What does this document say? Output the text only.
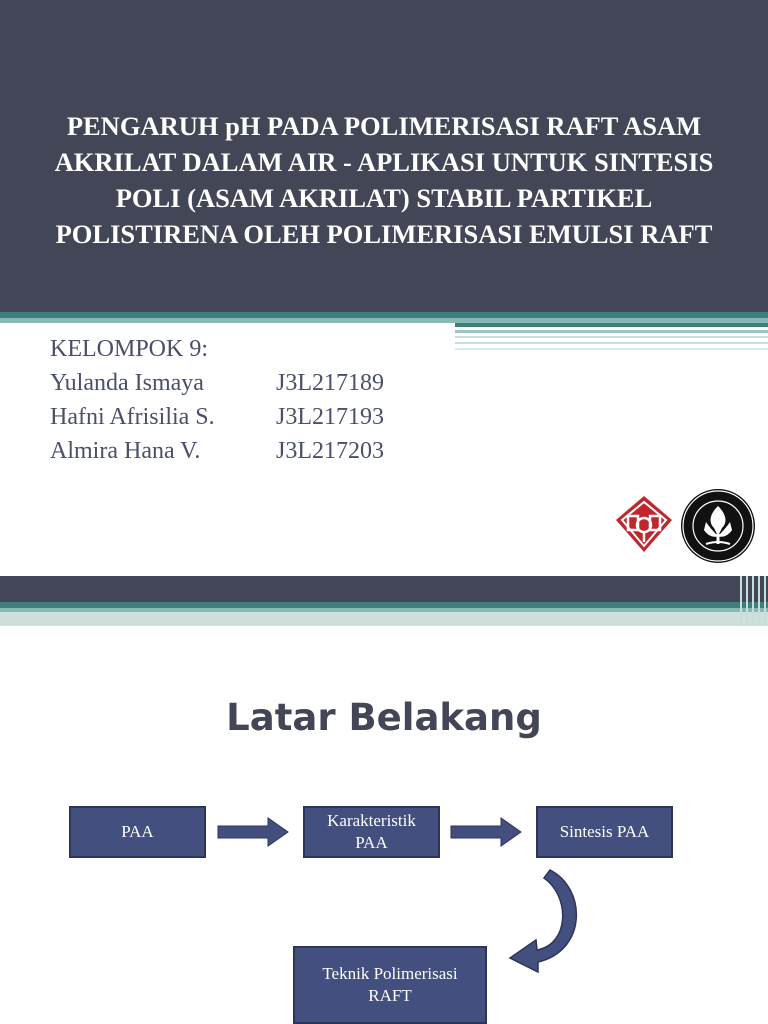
PENGARUH pH PADA POLIMERISASI RAFT ASAM AKRILAT DALAM AIR - APLIKASI UNTUK SINTESIS POLI (ASAM AKRILAT) STABIL PARTIKEL POLISTIRENA OLEH POLIMERISASI EMULSI RAFT
KELOMPOK 9:
Yulanda Ismaya	J3L217189
Hafni Afrisilia S.	J3L217193
Almira Hana V.	J3L217203
Latar Belakang
PAA
Karakteristik
PAA
Sintesis PAA
Teknik Polimerisasi
RAFT
